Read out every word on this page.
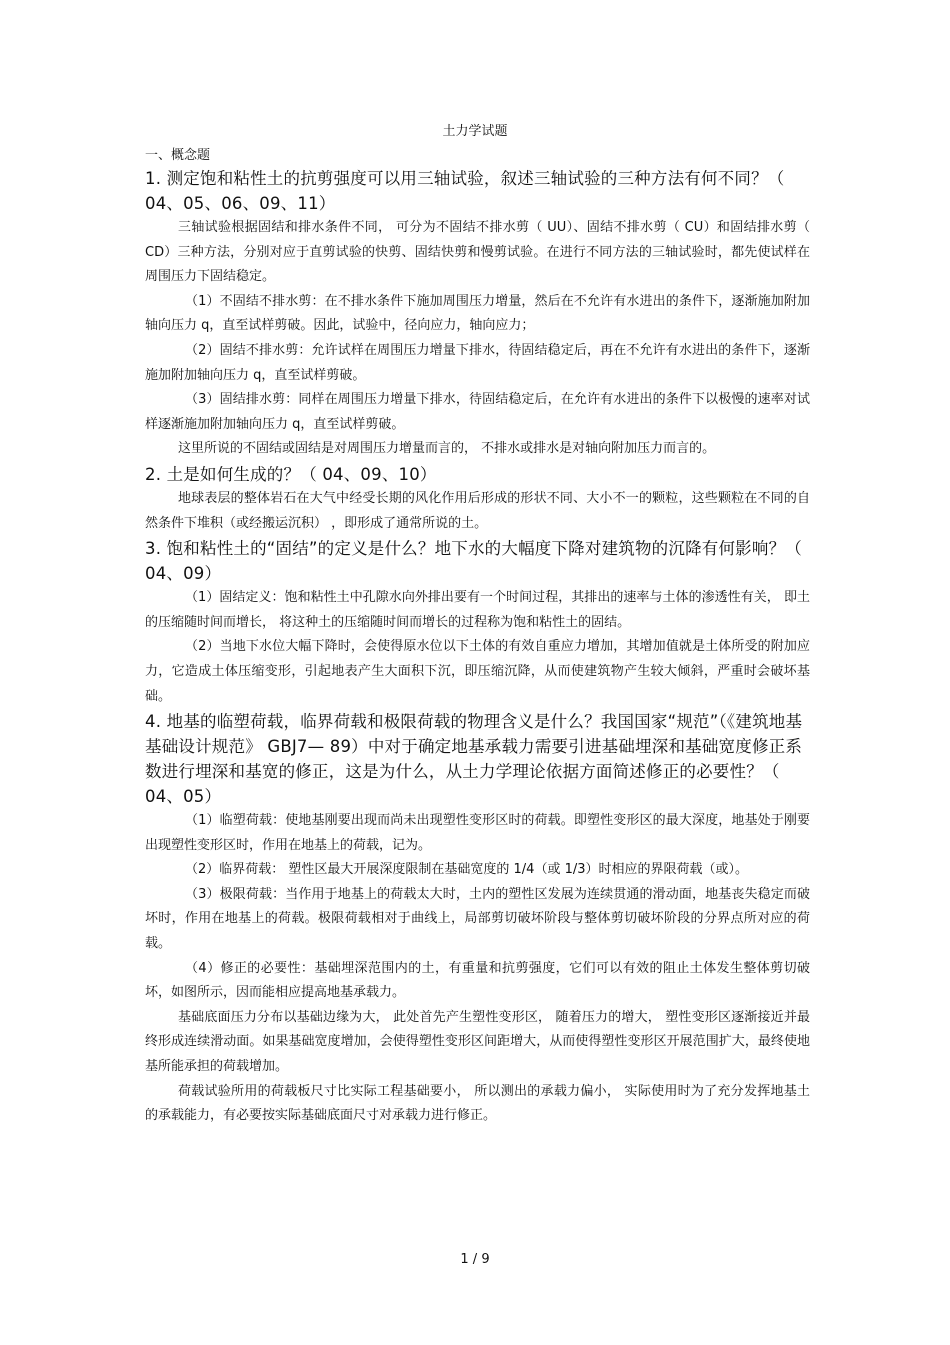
土力学试题

一、概念题

1. 测定饱和粘性土的抗剪强度可以用三轴试验，叙述三轴试验的三种方法有何不同？（ 04、05、06、09、11）

三轴试验根据固结和排水条件不同， 可分为不固结不排水剪（ UU）、固结不排水剪（ CU）和固结排水剪（ CD）三种方法，分别对应于直剪试验的快剪、固结快剪和慢剪试验。在进行不同方法的三轴试验时，都先使试样在周围压力下固结稳定。

（1）不固结不排水剪：在不排水条件下施加周围压力增量，然后在不允许有水进出的条件下，逐渐施加附加轴向压力 q，直至试样剪破。因此，试验中，径向应力，轴向应力；

（2）固结不排水剪：允许试样在周围压力增量下排水，待固结稳定后，再在不允许有水进出的条件下，逐渐施加附加轴向压力 q，直至试样剪破。

（3）固结排水剪：同样在周围压力增量下排水，待固结稳定后，在允许有水进出的条件下以极慢的速率对试样逐渐施加附加轴向压力 q，直至试样剪破。

这里所说的不固结或固结是对周围压力增量而言的， 不排水或排水是对轴向附加压力而言的。

2. 土是如何生成的？（ 04、09、10）

地球表层的整体岩石在大气中经受长期的风化作用后形成的形状不同、大小不一的颗粒，这些颗粒在不同的自然条件下堆积（或经搬运沉积） ，即形成了通常所说的土。

3. 饱和粘性土的“固结”的定义是什么？地下水的大幅度下降对建筑物的沉降有何影响？（ 04、09）

（1）固结定义：饱和粘性土中孔隙水向外排出要有一个时间过程，其排出的速率与土体的渗透性有关， 即土的压缩随时间而增长， 将这种土的压缩随时间而增长的过程称为饱和粘性土的固结。

（2）当地下水位大幅下降时，会使得原水位以下土体的有效自重应力增加，其增加值就是土体所受的附加应力，它造成土体压缩变形，引起地表产生大面积下沉，即压缩沉降，从而使建筑物产生较大倾斜，严重时会破坏基础。

4. 地基的临塑荷载，临界荷载和极限荷载的物理含义是什么？我国国家“规范”（《建筑地基基础设计规范》 GBJ7— 89）中对于确定地基承载力需要引进基础埋深和基础宽度修正系数进行埋深和基宽的修正，这是为什么，从土力学理论依据方面简述修正的必要性？（ 04、05）

（1）临塑荷载：使地基刚要出现而尚未出现塑性变形区时的荷载。即塑性变形区的最大深度，地基处于刚要出现塑性变形区时，作用在地基上的荷载，记为。

（2）临界荷载： 塑性区最大开展深度限制在基础宽度的 1/4（或 1/3）时相应的界限荷载（或）。

（3）极限荷载：当作用于地基上的荷载太大时，土内的塑性区发展为连续贯通的滑动面，地基丧失稳定而破坏时，作用在地基上的荷载。极限荷载相对于曲线上，局部剪切破坏阶段与整体剪切破坏阶段的分界点所对应的荷载。

（4）修正的必要性：基础埋深范围内的土，有重量和抗剪强度，它们可以有效的阻止土体发生整体剪切破坏，如图所示，因而能相应提高地基承载力。

基础底面压力分布以基础边缘为大， 此处首先产生塑性变形区， 随着压力的增大， 塑性变形区逐渐接近并最终形成连续滑动面。如果基础宽度增加，会使得塑性变形区间距增大，从而使得塑性变形区开展范围扩大，最终使地基所能承担的荷载增加。

荷载试验所用的荷载板尺寸比实际工程基础要小， 所以测出的承载力偏小， 实际使用时为了充分发挥地基土的承载能力，有必要按实际基础底面尺寸对承载力进行修正。

1 / 9
